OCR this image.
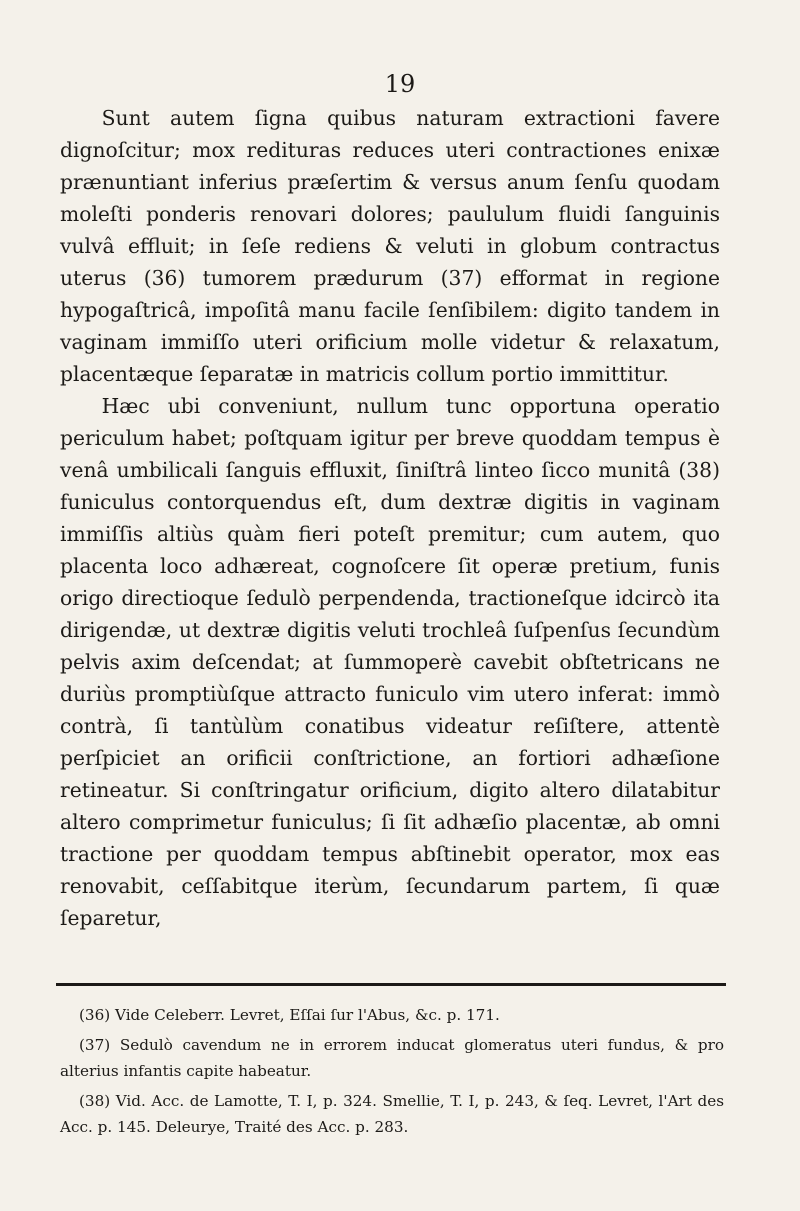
19

Sunt autem ſigna quibus naturam extractioni favere dignoſcitur; mox redituras reduces uteri contractiones enixæ prænuntiant inferius præſertim & versus anum ſenſu quodam moleſti ponderis renovari dolores; paululum fluidi ſanguinis vulvâ effluit; in ſeſe rediens & veluti in globum contractus uterus (36) tumorem prædurum (37) efformat in regione hypogaſtricâ, impoſitâ manu facile ſenſibilem: digito tandem in vaginam immiſſo uteri orificium molle videtur & relaxatum, placentæque ſeparatæ in matricis collum portio immittitur.

Hæc ubi conveniunt, nullum tunc opportuna operatio periculum habet; poſtquam igitur per breve quoddam tempus è venâ umbilicali ſanguis effluxit, ſiniſtrâ linteo ſicco munitâ (38) funiculus contorquendus eſt, dum dextræ digitis in vaginam immiſſis altiùs quàm fieri poteſt premitur; cum autem, quo placenta loco adhæreat, cognoſcere ſit operæ pretium, funis origo directioque ſedulò perpendenda, tractioneſque idcircò ita dirigendæ, ut dextræ digitis veluti trochleâ ſuſpenſus ſecundùm pelvis axim deſcendat; at ſummoperè cavebit obſtetricans ne duriùs promptiùſque attracto funiculo vim utero inferat: immò contrà, ſi tantùlùm conatibus videatur reſiſtere, attentè perſpiciet an orificii conſtrictione, an fortiori adhæſione retineatur. Si conſtringatur orificium, digito altero dilatabitur altero comprimetur funiculus; ſi ſit adhæſio placentæ, ab omni tractione per quoddam tempus abſtinebit operator, mox eas renovabit, ceſſabitque iterùm, ſecundarum partem, ſi quæ ſeparetur,

(36) Vide Celeberr. Levret, Eſſai ſur l'Abus, &c. p. 171.

(37) Sedulò cavendum ne in errorem inducat glomeratus uteri fundus, & pro alterius infantis capite habeatur.

(38) Vid. Acc. de Lamotte, T. I, p. 324. Smellie, T. I, p. 243, & ſeq. Levret, l'Art des Acc. p. 145. Deleurye, Traité des Acc. p. 283.
